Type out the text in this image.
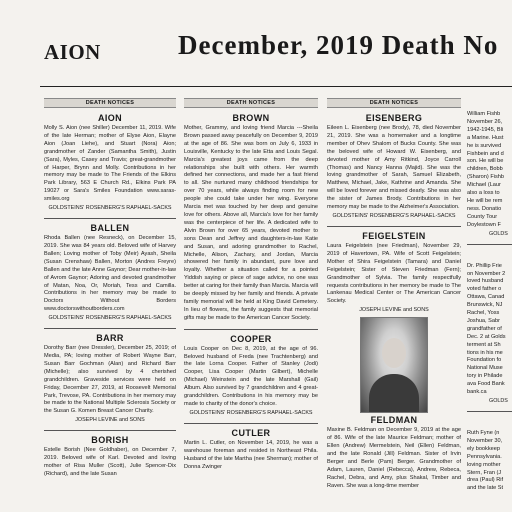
AION	December, 2019 Death No
DEATH NOTICES
AION

Molly S. Aion (nee Shiller) December 11, 2019. Wife of the late Herman; mother of Elyse Aion, Elayne Aion (Joan Liehe), and Stuart (Nora) Aion; grandmother of Zander (Samantha Smith), Justin (Sara), Myles, Casey and Travis; great-grandmother of Harper, Brynn and Molly. Contributions in her memory may be made to The Friends of the Elkins Park Library, 563 E Church Rd., Elkins Park PA 19027 or Sara's Smiles Foundation www.saras-smiles.org

GOLDSTEINS' ROSENBERG'S RAPHAEL-SACKS

BALLEN

Rhoda Ballen (nee Resneck), on December 15, 2019. She was 84 years old. Beloved wife of Harvey Ballen; Loving mother of Toby (Meir) Ayash, Sheila (Susan Crenshaw) Ballen, Morton (Andres Freyre) Ballen and the late Anne Gaynor; Dear mother-in-law of Avrom Gaynor; Adoring and devoted grandmother of Matan, Noa, Or, Moriah, Tess and Camilla. Contributions in her memory may be made to Doctors Without Borders www.doctorswithoutborders.com

GOLDSTEINS' ROSENBERG'S RAPHAEL-SACKS

BARR

Dorothy Barr (nee Dressler), December 25, 2019; of Media, PA; loving mother of Robert Wayne Barr, Susan Barr Gochman (Alan) and Richard Barr (Michelle); also survived by 4 cherished grandchildren. Graveside services were held on Friday, December 27, 2019, at Roosevelt Memorial Park, Trevose, PA. Contributions in her memory may be made to the National Multiple Sclerosis Society or the Susan G. Komen Breast Cancer Charity.

JOSEPH LEVINE and SONS

BORISH

Estelle Borish (Nee Goldhaber), on December 7, 2019. Beloved wife of Karl. Devoted and loving mother of Risa Muller (Scott), Julie Spencer-Dix (Richard), and the late Susan

DEATH NOTICES
BROWN

Mother, Grammy, and loving friend Marcia ---Sheila Brown passed away peacefully on December 9, 2019 at the age of 86. She was born on July 6, 1933 in Louisville, Kentucky to the late Etta and Louis Segal. Marcia's greatest joys came from the deep relationships she built with others. Her warmth defined her connections, and made her a fast friend to all. She nurtured many childhood friendships for over 70 years, while always finding room for new people she could take under her wing. Everyone Marcia met was touched by her deep and genuine love for others. Above all, Marcia's love for her family was the centerpiece of her life. A dedicated wife to Alvin Brown for over 65 years, devoted mother to sons Dean and Jeffrey and daughters-in-law Katie and Susan, and adoring grandmother to Rachel, Michelle, Alison, Zachary, and Jordan, Marcia showered her family in abundant, pure love and loyalty. Whether a situation called for a pointed Yiddish saying or piece of sage advice, no one was better at caring for their family than Marcia. Marcia will be deeply missed by her family and friends. A private family memorial will be held at King David Cemetery. In lieu of flowers, the family suggests that memorial gifts may be made to the American Cancer Society.

COOPER

Louis Cooper on Dec 8, 2019, at the age of 96. Beloved husband of Freda (nee Trachtenberg) and the late Lorna Cooper. Father of Stanley (Jodi) Cooper, Lisa Cooper (Martin Gilbert), Michelle (Michael) Weinstein and the late Marshall (Gail) Album. Also survived by 7 grandchildren and 4 great-grandchildren. Contributions in his memory may be made to charity of the donor's choice.

GOLDSTEINS' ROSENBERG'S RAPHAEL-SACKS

CUTLER

Martin L. Cutler, on November 14, 2019, he was a warehouse foreman and resided in Northeast Phila. Husband of the late Martha (nee Sherman); mother of Donna Zwinger

DEATH NOTICES
EISENBERG

Eileen L. Eisenberg (nee Brody), 78, died November 21, 2019. She was a homemaker and a longtime member of Ohev Shalom of Bucks County. She was the beloved wife of Howard W. Eisenberg, and devoted mother of Amy Ritkind, Joyce Carroll (Thomas) and Nancy Hanna (Majid). She was the loving grandmother of Sarah, Samuel Elizabeth, Matthew, Michael, Jake, Kathrine and Amanda. She will be loved forever and missed dearly. She was also the sister of James Brody. Contributions in her memory may be made to the Alzheimer's Association.

GOLDSTEINS' ROSENBERG'S RAPHAEL-SACKS

FEIGELSTEIN

Laura Feigelstein (nee Friedman), November 29, 2019 of Havertown, PA. Wife of Scott Feigelstein; Mother of Shira Feigelstein (Tamara) and Daniel Feigelstein; Sister of Steven Friedman (Fern); Grandmother of Sylvia. The family respectfully requests contributions in her memory be made to The Lankenau Medical Center or The American Cancer Society.

JOSEPH LEVINE and SONS

FELDMAN

Maxine B. Feldman on December 9, 2019 at the age of 86. Wife of the late Maurice Feldman; mother of Ellen (Andrew) Mermelstein, Neil (Ellen) Feldman, and the late Ronald (Jill) Feldman. Sister of Irvin Berger and Berle (Pam) Berger. Grandmother of Adam, Lauren, Daniel (Rebecca), Andrew, Rebeca, Rachel, Debra, and Amy, plus Shakal, Timber and Raven. She was a long-time member

William Fishb

November 26,

1942-1945, Bli

a Marine. Hust

he is survived

Fishbein and d

son. He will be

children, Bobb

(Sharon) Fishb

Michael (Laur

also a loss to

He will be rem

ness. Donatio

County Tour

Doylestown F

GOLDS

Dr. Phillip Frie

on November 2

loved husband

voted father o

Ottawa, Canad

Brunswick, NJ

Rachel, Yoss

Joshua, Sabr

grandfather of

Dec. 2 at Golds

terment at Sh

tions in his me

Foundation fo

National Muse

tory in Philade

ava Food Bank

bank.ca

GOLDS

Ruth Fyne (n

November 30,

ely bookkeep

Pennsylvania.

loving mother

Stern, Fran (J

drea (Paul) Rif

and the late St
